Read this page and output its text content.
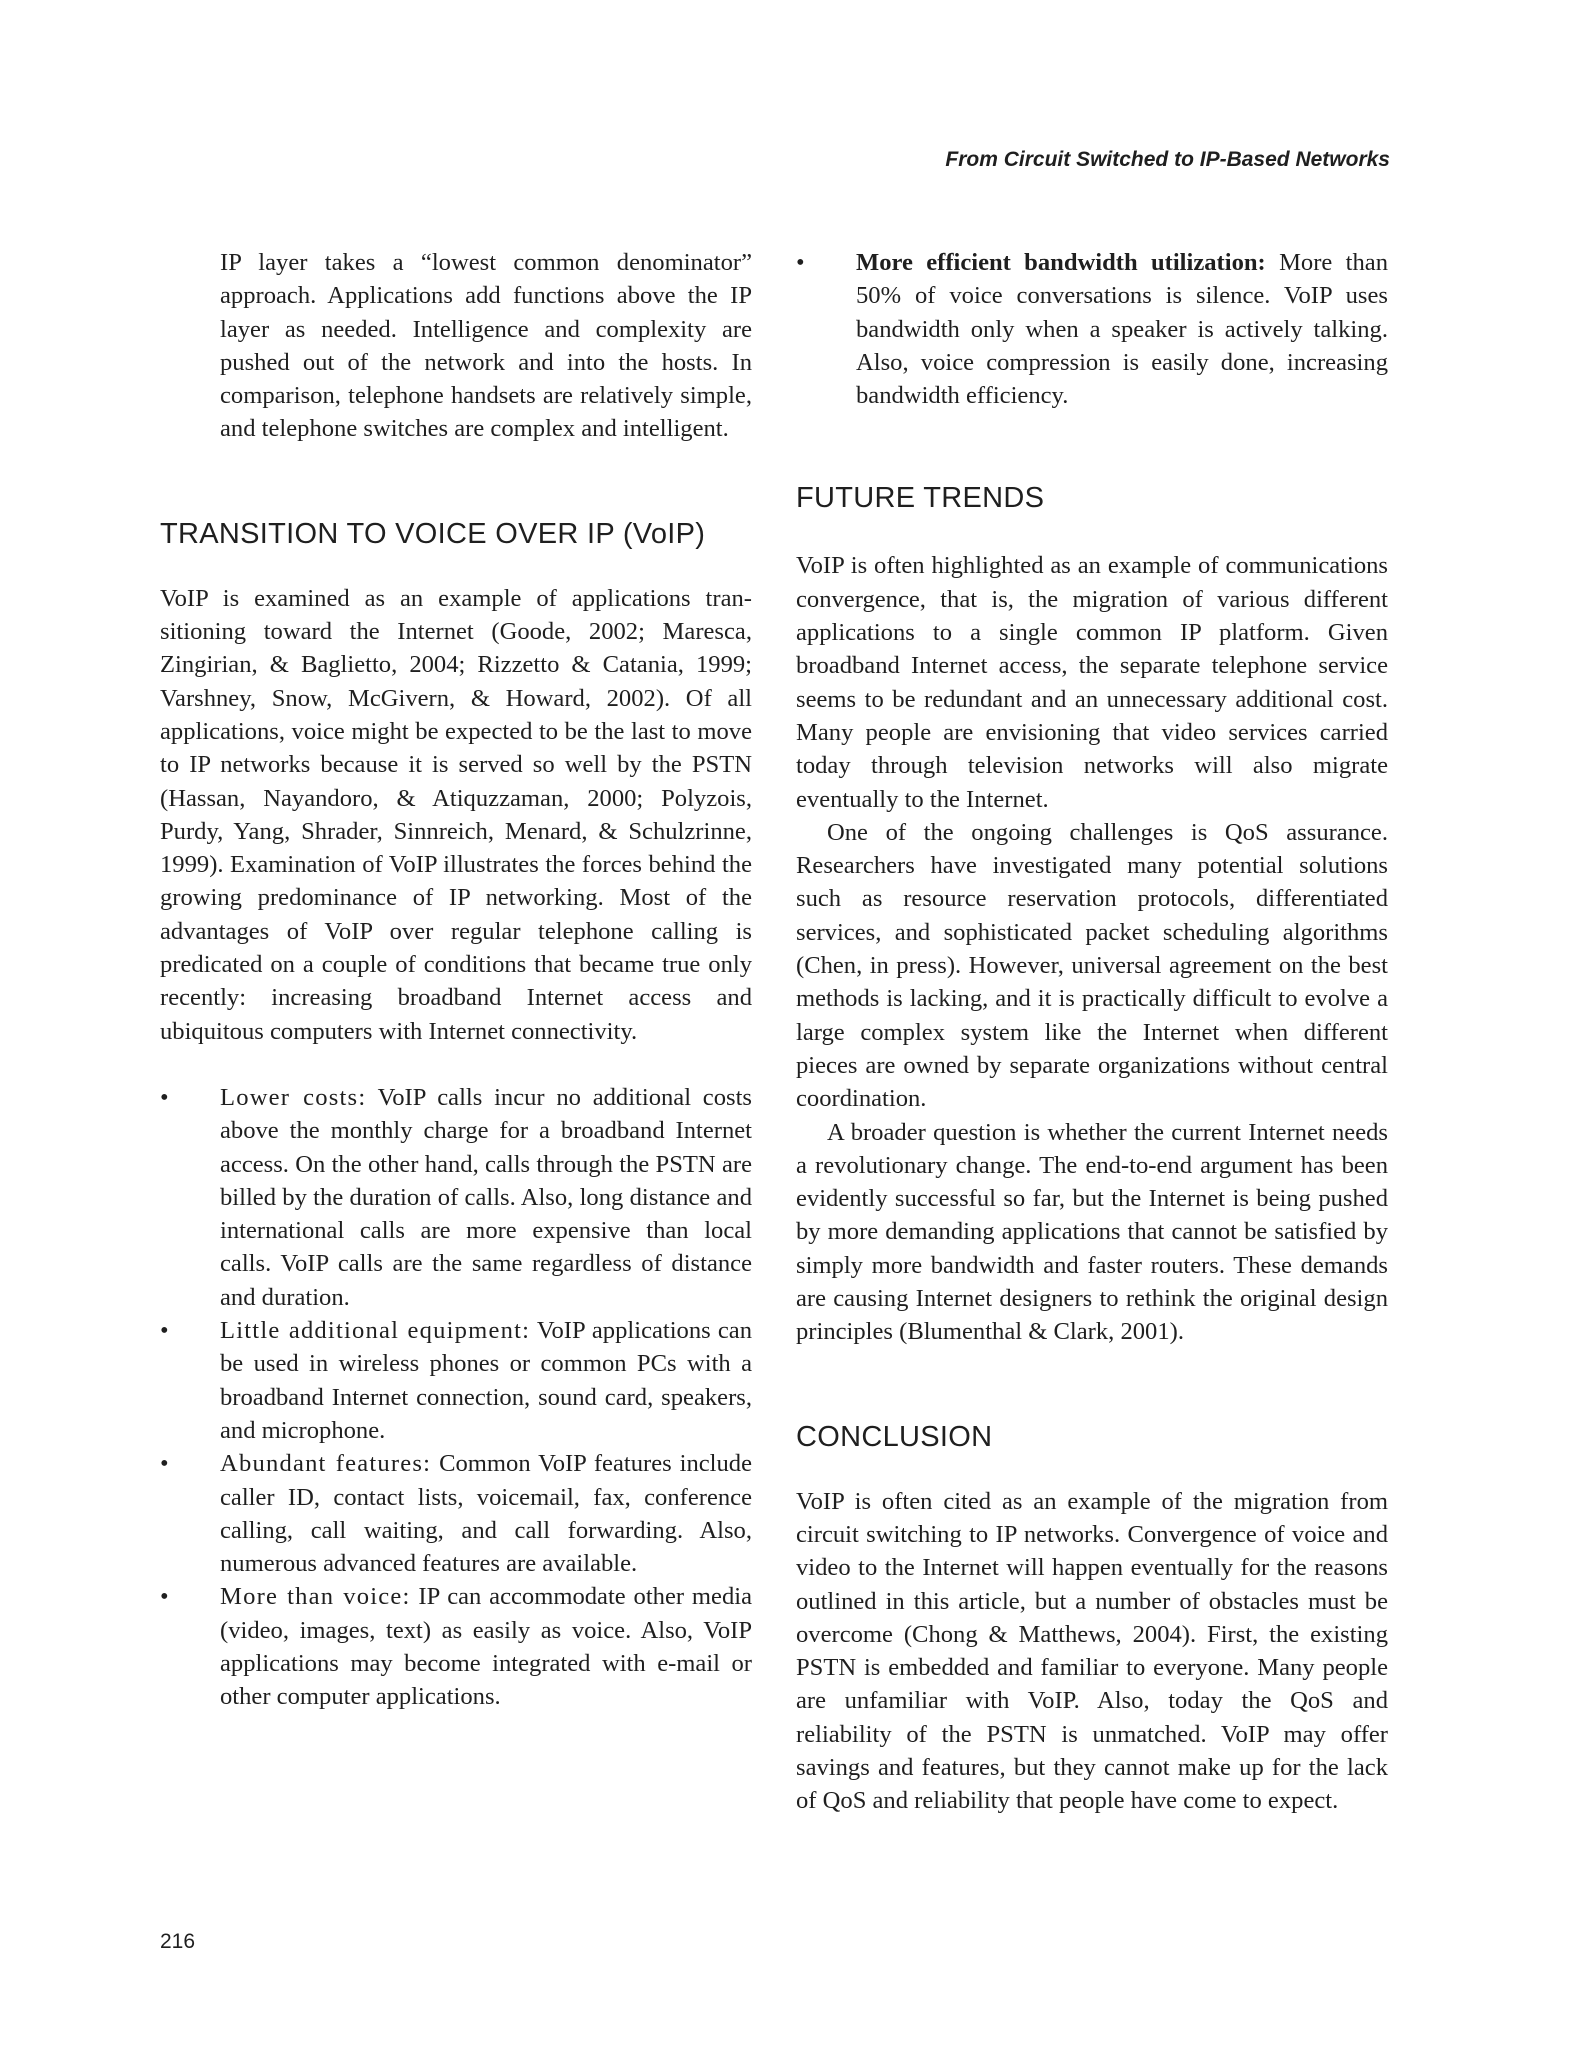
From Circuit Switched to IP-Based Networks

IP layer takes a “lowest common denominator” approach. Applications add functions above the IP layer as needed. Intelligence and complexity are pushed out of the network and into the hosts. In comparison, telephone handsets are relatively simple, and telephone switches are complex and intelligent.

TRANSITION TO VOICE OVER IP (VoIP)

VoIP is examined as an example of applications transitioning toward the Internet (Goode, 2002; Maresca, Zingirian, & Baglietto, 2004; Rizzetto & Catania, 1999; Varshney, Snow, McGivern, & Howard, 2002). Of all applications, voice might be expected to be the last to move to IP networks because it is served so well by the PSTN (Hassan, Nayandoro, & Atiquzzaman, 2000; Polyzois, Purdy, Yang, Shrader, Sinnreich, Menard, & Schulzrinne, 1999). Examination of VoIP illustrates the forces behind the growing predominance of IP networking. Most of the advantages of VoIP over regular telephone calling is predicated on a couple of conditions that became true only recently: increasing broadband Internet access and ubiquitous computers with Internet connectivity.

• Lower costs: VoIP calls incur no additional costs above the monthly charge for a broadband Internet access. On the other hand, calls through the PSTN are billed by the duration of calls. Also, long distance and international calls are more expensive than local calls. VoIP calls are the same regardless of distance and duration.
• Little additional equipment: VoIP applications can be used in wireless phones or common PCs with a broadband Internet connection, sound card, speakers, and microphone.
• Abundant features: Common VoIP features include caller ID, contact lists, voicemail, fax, conference calling, call waiting, and call forwarding. Also, numerous advanced features are available.
• More than voice: IP can accommodate other media (video, images, text) as easily as voice. Also, VoIP applications may become integrated with e-mail or other computer applications.
• More efficient bandwidth utilization: More than 50% of voice conversations is silence. VoIP uses bandwidth only when a speaker is actively talking. Also, voice compression is easily done, increasing bandwidth efficiency.
FUTURE TRENDS

VoIP is often highlighted as an example of communications convergence, that is, the migration of various different applications to a single common IP platform. Given broadband Internet access, the separate telephone service seems to be redundant and an unnecessary additional cost. Many people are envisioning that video services carried today through television networks will also migrate eventually to the Internet.

One of the ongoing challenges is QoS assurance. Researchers have investigated many potential solutions such as resource reservation protocols, differentiated services, and sophisticated packet scheduling algorithms (Chen, in press). However, universal agreement on the best methods is lacking, and it is practically difficult to evolve a large complex system like the Internet when different pieces are owned by separate organizations without central coordination.

A broader question is whether the current Internet needs a revolutionary change. The end-to-end argument has been evidently successful so far, but the Internet is being pushed by more demanding applications that cannot be satisfied by simply more bandwidth and faster routers. These demands are causing Internet designers to rethink the original design principles (Blumenthal & Clark, 2001).

CONCLUSION

VoIP is often cited as an example of the migration from circuit switching to IP networks. Convergence of voice and video to the Internet will happen eventually for the reasons outlined in this article, but a number of obstacles must be overcome (Chong & Matthews, 2004). First, the existing PSTN is embedded and familiar to everyone. Many people are unfamiliar with VoIP. Also, today the QoS and reliability of the PSTN is unmatched. VoIP may offer savings and features, but they cannot make up for the lack of QoS and reliability that people have come to expect.

216
